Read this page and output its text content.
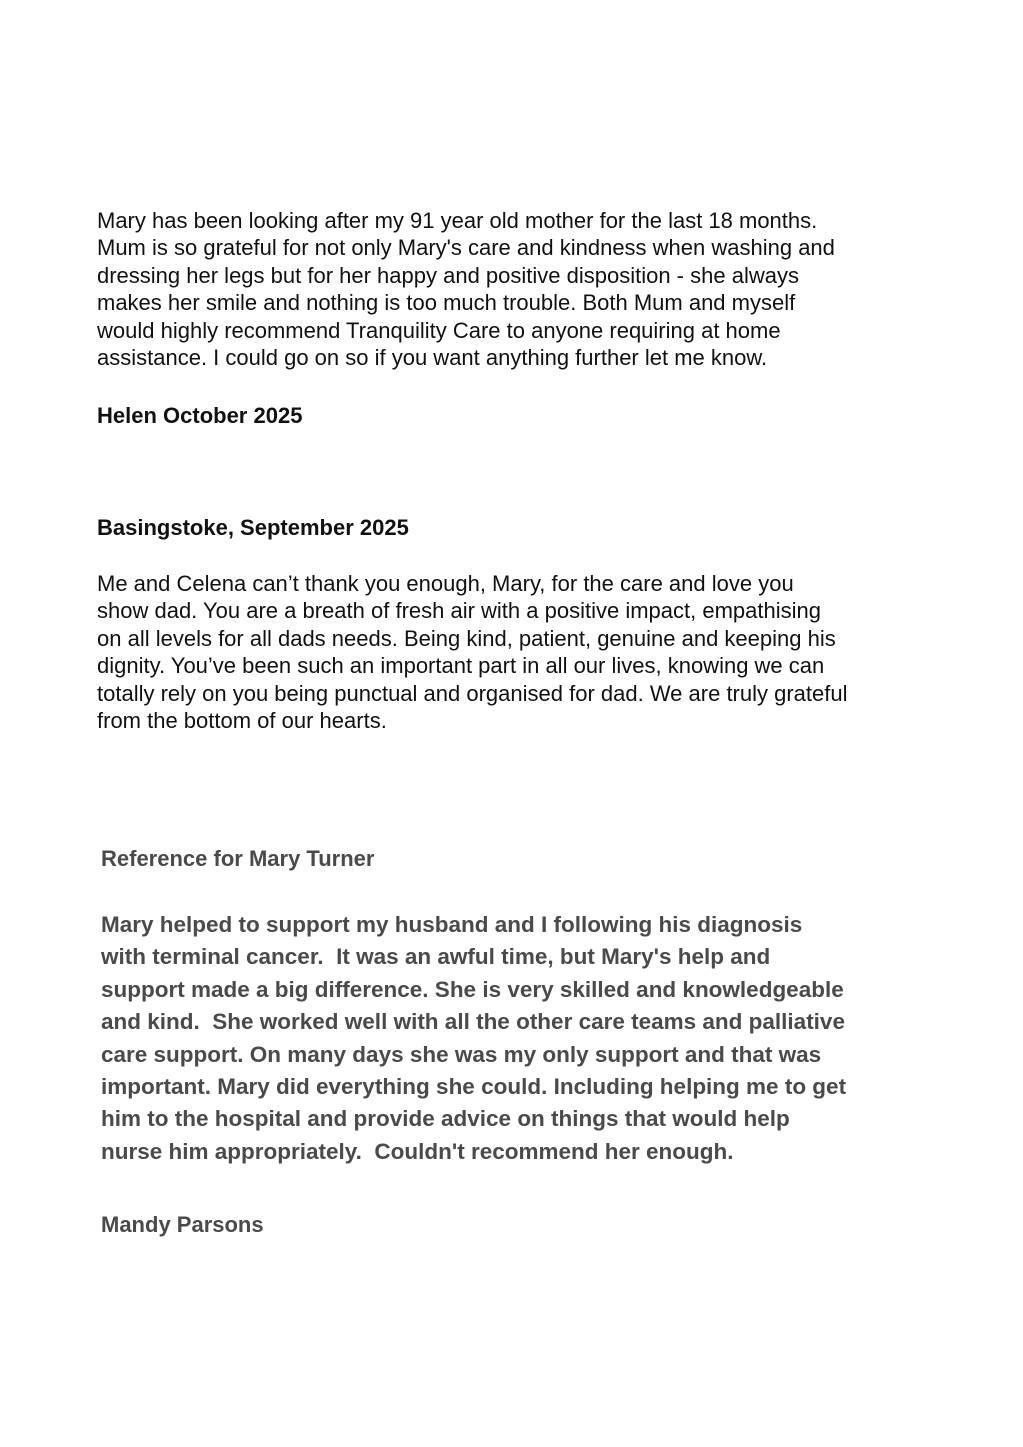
Mary has been looking after my 91 year old mother for the last 18 months.
Mum is so grateful for not only Mary's care and kindness when washing and
dressing her legs but for her happy and positive disposition - she always
makes her smile and nothing is too much trouble. Both Mum and myself
would highly recommend Tranquility Care to anyone requiring at home
assistance. I could go on so if you want anything further let me know.
Helen October 2025
Basingstoke, September 2025
Me and Celena can’t thank you enough, Mary, for the care and love you
show dad. You are a breath of fresh air with a positive impact, empathising
on all levels for all dads needs. Being kind, patient, genuine and keeping his
dignity. You’ve been such an important part in all our lives, knowing we can
totally rely on you being punctual and organised for dad. We are truly grateful
from the bottom of our hearts.
Reference for Mary Turner
Mary helped to support my husband and I following his diagnosis
with terminal cancer.  It was an awful time, but Mary's help and
support made a big difference. She is very skilled and knowledgeable
and kind.  She worked well with all the other care teams and palliative
care support. On many days she was my only support and that was
important. Mary did everything she could. Including helping me to get
him to the hospital and provide advice on things that would help
nurse him appropriately.  Couldn't recommend her enough.
Mandy Parsons
